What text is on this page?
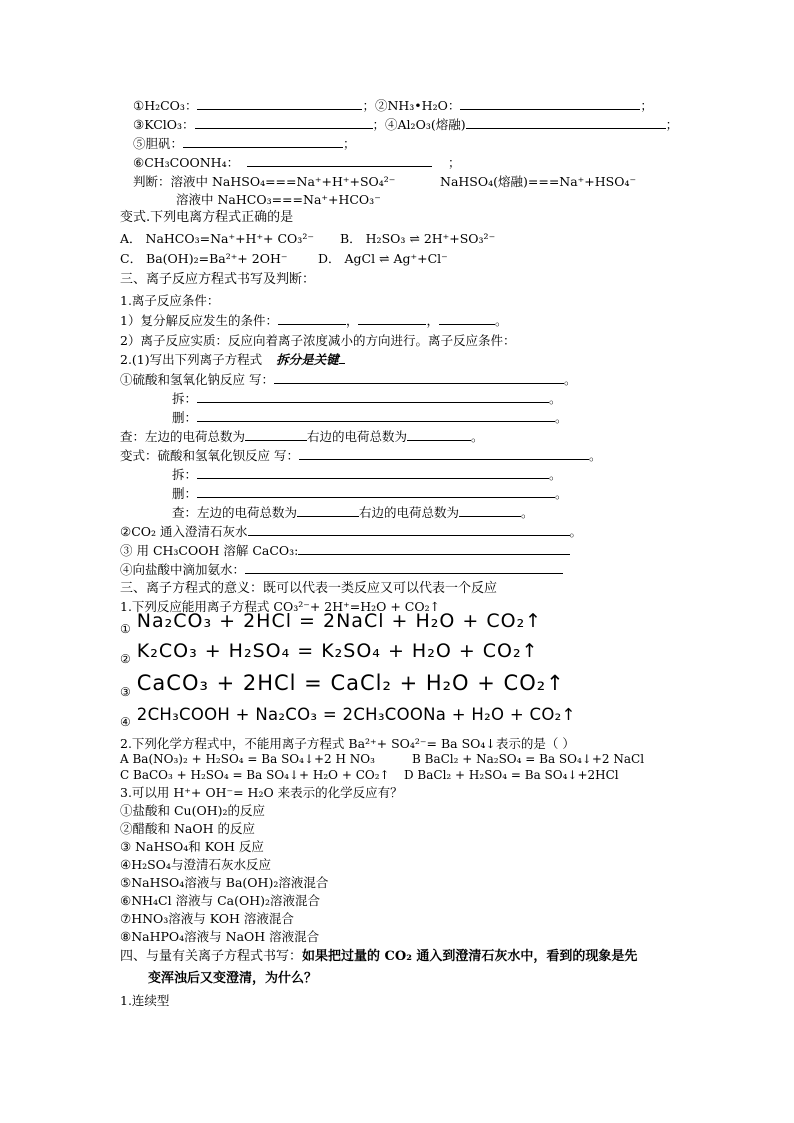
①H₂CO₃：	；②NH₃•H₂O：	；
③KClO₃：	；④Al₂O₃(熔融)	；
⑤胆矾：	；
⑥CH₃COONH₄：	；
判断：溶液中 NaHSO₄===Na⁺+H⁺+SO₄²⁻	NaHSO₄(熔融)===Na⁺+HSO₄⁻
溶液中 NaHCO₃===Na⁺+HCO₃⁻
变式.下列电离方程式正确的是
A． NaHCO₃=Na⁺+H⁺+ CO₃²⁻ B． H₂SO₃ ⇌ 2H⁺+SO₃²⁻
C． Ba(OH)₂=Ba²⁺+ 2OH⁻ D． AgCl ⇌ Ag⁺+Cl⁻
三、离子反应方程式书写及判断：
1.离子反应条件：
1）复分解反应发生的条件：	，	，	。
2）离子反应实质：反应向着离子浓度减小的方向进行。离子反应条件：
2.(1)写出下列离子方程式 拆分是关键
①硫酸和氢氧化钠反应 写：	。
拆：	。
删：	。
查：左边的电荷总数为	右边的电荷总数为	。
变式：硫酸和氢氧化钡反应 写：	。
拆：	。
删：	。
查：左边的电荷总数为	右边的电荷总数为	。
②CO₂ 通入澄清石灰水	。
③ 用 CH₃COOH 溶解 CaCO₃:
④向盐酸中滴加氨水：
三、离子方程式的意义：既可以代表一类反应又可以代表一个反应
1.下列反应能用离子方程式 CO₃²⁻+ 2H⁺=H₂O + CO₂↑
$_①$ Na₂CO₃ + 2HCl = 2NaCl + H₂O + CO₂↑
$_②$ K₂CO₃ + H₂SO₄ = K₂SO₄ + H₂O + CO₂↑
$_③$ CaCO₃ + 2HCl = CaCl₂ + H₂O + CO₂↑
$_④$ 2CH₃COOH + Na₂CO₃ = 2CH₃COONa + H₂O + CO₂↑
2.下列化学方程式中，不能用离子方程式 Ba²⁺+ SO₄²⁻= Ba SO₄↓表示的是（ ）
A Ba(NO₃)₂ + H₂SO₄ = Ba SO₄↓+2 H NO₃	B BaCl₂ + Na₂SO₄ = Ba SO₄↓+2 NaCl
C BaCO₃ + H₂SO₄ = Ba SO₄↓+ H₂O + CO₂↑ D BaCl₂ + H₂SO₄ = Ba SO₄↓+2HCl
3.可以用 H⁺+ OH⁻= H₂O 来表示的化学反应有？
①盐酸和 Cu(OH)₂的反应
②醋酸和 NaOH 的反应
③ NaHSO₄和 KOH 反应
④H₂SO₄与澄清石灰水反应
⑤NaHSO₄溶液与 Ba(OH)₂溶液混合
⑥NH₄Cl 溶液与 Ca(OH)₂溶液混合
⑦HNO₃溶液与 KOH 溶液混合
⑧NaHPO₄溶液与 NaOH 溶液混合
四、与量有关离子方程式书写：如果把过量的 CO₂ 通入到澄清石灰水中，看到的现象是先
变浑浊后又变澄清，为什么？
1.连续型
